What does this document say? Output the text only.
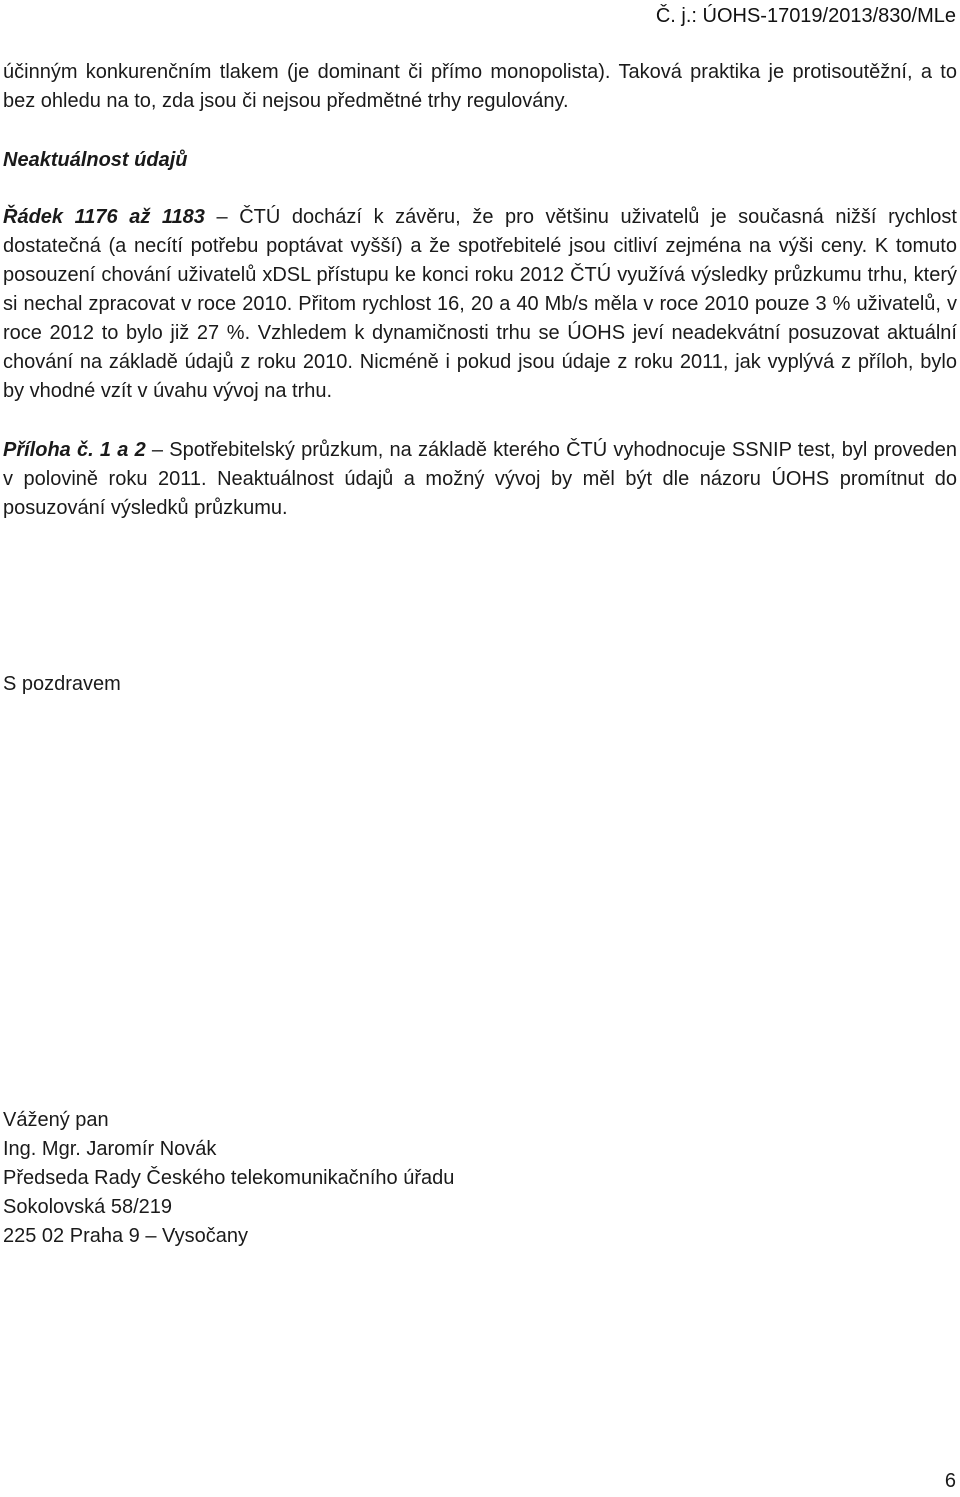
Č. j.: ÚOHS-17019/2013/830/MLe

účinným konkurenčním tlakem (je dominant či přímo monopolista). Taková praktika je protisoutěžní, a to bez ohledu na to, zda jsou či nejsou předmětné trhy regulovány.

Neaktuálnost údajů

Řádek 1176 až 1183 – ČTÚ dochází k závěru, že pro většinu uživatelů je současná nižší rychlost dostatečná (a necítí potřebu poptávat vyšší) a že spotřebitelé jsou citliví zejména na výši ceny. K tomuto posouzení chování uživatelů xDSL přístupu ke konci roku 2012 ČTÚ využívá výsledky průzkumu trhu, který si nechal zpracovat v roce 2010. Přitom rychlost 16, 20 a 40 Mb/s měla v roce 2010 pouze 3 % uživatelů, v roce 2012 to bylo již 27 %. Vzhledem k dynamičnosti trhu se ÚOHS jeví neadekvátní posuzovat aktuální chování na základě údajů z roku 2010. Nicméně i pokud jsou údaje z roku 2011, jak vyplývá z příloh, bylo by vhodné vzít v úvahu vývoj na trhu.

Příloha č. 1 a 2 – Spotřebitelský průzkum, na základě kterého ČTÚ vyhodnocuje SSNIP test, byl proveden v polovině roku 2011. Neaktuálnost údajů a možný vývoj by měl být dle názoru ÚOHS promítnut do posuzování výsledků průzkumu.

S pozdravem

Vážený pan
Ing. Mgr. Jaromír Novák
Předseda Rady Českého telekomunikačního úřadu
Sokolovská 58/219
225 02 Praha 9 – Vysočany
6
